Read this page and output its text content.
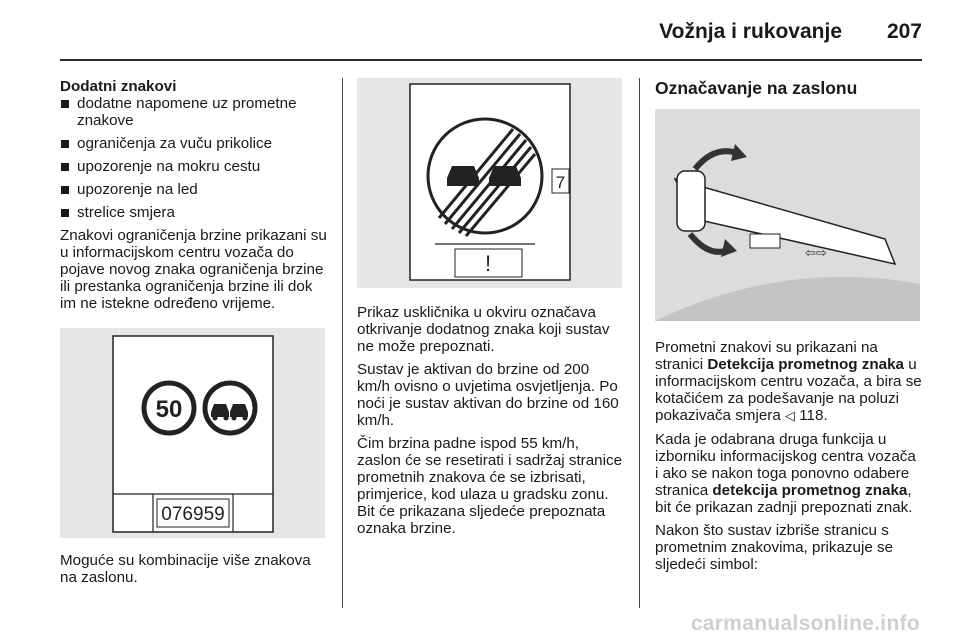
Vožnja i rukovanje 207
Dodatni znakovi
dodatne napomene uz prometne znakove
ograničenja za vuču prikolice
upozorenje na mokru cestu
upozorenje na led
strelice smjera

Znakovi ograničenja brzine prikazani su u informacijskom centru vozača do pojave novog znaka ograničenja brzine ili prestanka ograničenja brzine ili dok im ne istekne određeno vrijeme.

50
076959

Moguće su kombinacije više znakova na zaslonu.

7
!

Prikaz uskličnika u okviru označava otkrivanje dodatnog znaka koji sustav ne može prepoznati.

Sustav je aktivan do brzine od 200 km/h ovisno o uvjetima osvjetljenja. Po noći je sustav aktivan do brzine od 160 km/h.

Čim brzina padne ispod 55 km/h, zaslon će se resetirati i sadržaj stranice prometnih znakova će se izbrisati, primjerice, kod ulaza u gradsku zonu. Bit će prikazana sljedeće prepoznata oznaka brzine.

Označavanje na zaslonu
⇦⇨

Prometni znakovi su prikazani na stranici Detekcija prometnog znaka u informacijskom centru vozača, a bira se kotačićem za podešavanje na poluzi pokazivača smjera ◁ 118.

Kada je odabrana druga funkcija u izborniku informacijskog centra vozača i ako se nakon toga ponovno odabere stranica detekcija prometnog znaka, bit će prikazan zadnji prepoznati znak.

Nakon što sustav izbriše stranicu s prometnim znakovima, prikazuje se sljedeći simbol:

carmanualsonline.info
